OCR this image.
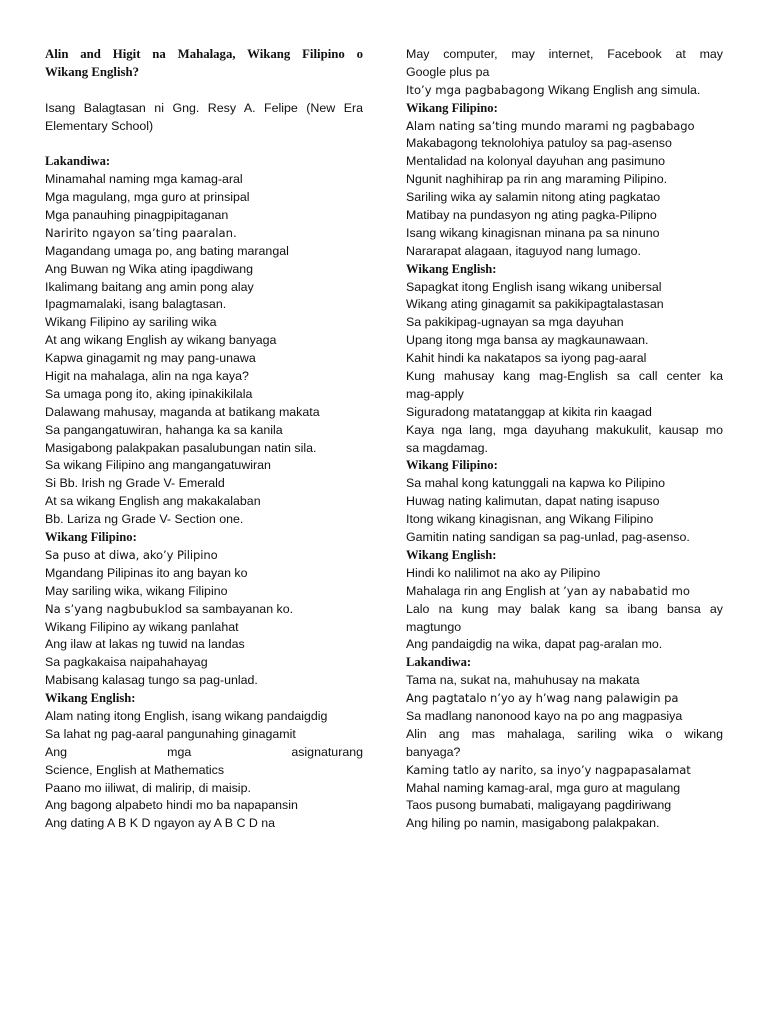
Alin and Higit na Mahalaga, Wikang Filipino o
Wikang English?
Isang Balagtasan ni Gng. Resy A. Felipe (New Era
Elementary School)
Lakandiwa:
Minamahal naming mga kamag-aral
Mga magulang, mga guro at prinsipal
Mga panauhing pinagpipitaganan
Naririto ngayon sa’ting paaralan.
Magandang umaga po, ang bating marangal
Ang Buwan ng Wika ating ipagdiwang
Ikalimang baitang ang amin pong alay
Ipagmamalaki, isang balagtasan.
Wikang Filipino ay sariling wika
At ang wikang English ay wikang banyaga
Kapwa ginagamit ng may pang-unawa
Higit na mahalaga, alin na nga kaya?
Sa umaga pong ito, aking ipinakikilala
Dalawang mahusay, maganda at batikang makata
Sa pangangatuwiran, hahanga ka sa kanila
Masigabong palakpakan pasalubungan natin sila.
Sa wikang Filipino ang mangangatuwiran
Si Bb. Irish ng Grade V- Emerald
At sa wikang English ang makakalaban
Bb. Lariza ng Grade V- Section one.
Wikang Filipino:
Sa puso at diwa, ako’y Pilipino
Mgandang Pilipinas ito ang bayan ko
May sariling wika, wikang Filipino
Na s’yang nagbubuklod sa sambayanan ko.
Wikang Filipino ay wikang panlahat
Ang ilaw at lakas ng tuwid na landas
Sa pagkakaisa naipahahayag
Mabisang kalasag tungo sa pag-unlad.
Wikang English:
Alam nating itong English, isang wikang pandaigdig
Sa lahat ng pag-aaral pangunahing ginagamit
Ang	mga	asignaturang
Science, English at Mathematics
Paano mo iiliwat, di malirip, di maisip.
Ang bagong alpabeto hindi mo ba napapansin
Ang dating A B K D ngayon ay A B C D na
May computer, may internet, Facebook at may
Google plus pa
Ito’y mga pagbabagong Wikang English ang simula.
Wikang Filipino:
Alam nating sa’ting mundo marami ng pagbabago
Makabagong teknolohiya patuloy sa pag-asenso
Mentalidad na kolonyal dayuhan ang pasimuno
Ngunit naghihirap pa rin ang maraming Pilipino.
Sariling wika ay salamin nitong ating pagkatao
Matibay na pundasyon ng ating pagka-Pilipno
Isang wikang kinagisnan minana pa sa ninuno
Nararapat alagaan, itaguyod nang lumago.
Wikang English:
Sapagkat itong English isang wikang unibersal
Wikang ating ginagamit sa pakikipagtalastasan
Sa pakikipag-ugnayan sa mga dayuhan
Upang itong mga bansa ay magkaunawaan.
Kahit hindi ka nakatapos sa iyong pag-aaral
Kung mahusay kang mag-English sa call center ka
mag-apply
Siguradong matatanggap at kikita rin kaagad
Kaya nga lang, mga dayuhang makukulit, kausap mo
sa magdamag.
Wikang Filipino:
Sa mahal kong katunggali na kapwa ko Pilipino
Huwag nating kalimutan, dapat nating isapuso
Itong wikang kinagisnan, ang Wikang Filipino
Gamitin nating sandigan sa pag-unlad, pag-asenso.
Wikang English:
Hindi ko nalilimot na ako ay Pilipino
Mahalaga rin ang English at ’yan ay nababatid mo
Lalo na kung may balak kang sa ibang bansa ay
magtungo
Ang pandaigdig na wika, dapat pag-aralan mo.
Lakandiwa:
Tama na, sukat na, mahuhusay na makata
Ang pagtatalo n’yo ay h’wag nang palawigin pa
Sa madlang nanonood kayo na po ang magpasiya
Alin ang mas mahalaga, sariling wika o wikang
banyaga?
Kaming tatlo ay narito, sa inyo’y nagpapasalamat
Mahal naming kamag-aral, mga guro at magulang
Taos pusong bumabati, maligayang pagdiriwang
Ang hiling po namin, masigabong palakpakan.
